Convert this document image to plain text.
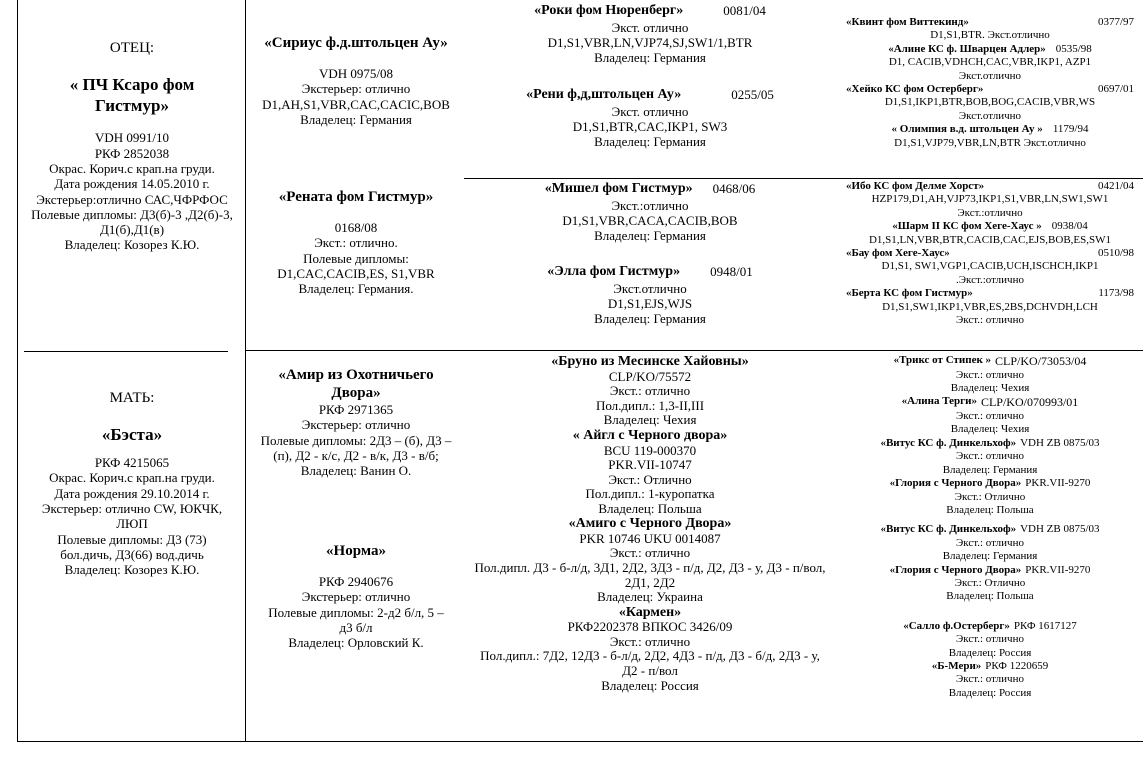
ОТЕЦ:
« ПЧ Ксаро фом Гистмур»
VDH 0991/10
РКФ 2852038
Окрас. Корич.с крап.на груди.
Дата рождения 14.05.2010 г.
Экстерьер:отлично САС,ЧФРФОС
Полевые дипломы: Д3(б)-3 ,Д2(б)-3, Д1(б),Д1(в)
Владелец: Козорез К.Ю.
МАТЬ:
«Бэста»
РКФ 4215065
Окрас. Корич.с крап.на груди.
Дата рождения 29.10.2014 г.
Экстерьер: отлично CW, ЮКЧК, ЛЮП
Полевые дипломы: Д3 (73) бол.дичь, Д3(66) вод.дичь
Владелец: Козорез К.Ю.
«Сириус ф.д.штольцен Ау»
VDH 0975/08
Экстерьер: отлично
D1,AH,S1,VBR,CAC,CACIC,BOB
Владелец: Германия
«Рената фом Гистмур»
0168/08
Экст.: отлично.
Полевые дипломы:
D1,CAC,CACIB,ES, S1,VBR
Владелец: Германия.
«Амир из Охотничьего Двора»
РКФ 2971365
Экстерьер: отлично
Полевые дипломы: 2Д3 – (б), Д3 – (п), Д2 - к/с, Д2 - в/к, Д3 - в/б;
Владелец: Ванин О.
«Норма»
РКФ 2940676
Экстерьер: отлично
Полевые дипломы: 2-д2 б/л, 5 – д3 б/л
Владелец: Орловский К.
«Роки фом Нюренберг»	0081/04
Экст. отлично
D1,S1,VBR,LN,VJP74,SJ,SW1/1,BTR
Владелец: Германия
«Рени ф,д,штольцен Ау»	0255/05
Экст. отлично
D1,S1,BTR,CAC,IKP1, SW3
Владелец: Германия
«Мишел фом Гистмур» 0468/06
Экст.:отлично
D1,S1,VBR,CACA,CACIB,BOB
Владелец: Германия
«Элла фом Гистмур» 0948/01
Экст.отлично
D1,S1,EJS,WJS
Владелец: Германия
«Бруно из Месинске Хайовны»
CLP/KO/75572
Экст.: отлично
Пол.дипл.: 1,3-II,III
Владелец: Чехия
« Айгл с Черного двора»
BCU 119-000370
PKR.VII-10747
Экст.: Отлично
Пол.дипл.: 1-куропатка
Владелец: Польша
«Амиго с Черного Двора»
PKR 10746 UKU 0014087
Экст.: отлично
Пол.дипл. Д3 - б-л/д, 3Д1, 2Д2, 3Д3 - п/д, Д2, Д3 - у, Д3 - п/вол, 2Д1, 2Д2
Владелец: Украина
«Кармен»
РКФ2202378 ВПКОС 3426/09
Экст.: отлично
Пол.дипл.: 7Д2, 12Д3 - б-л/д, 2Д2, 4Д3 - п/д, Д3 - б/д, 2Д3 - у, Д2 - п/вол
Владелец: Россия
«Квинт фом Виттекинд»	0377/97
D1,S1,BTR. Экст.отлично
«Алине КС ф. Шварцен Адлер» 0535/98
D1, CACIB,VDHCH,CAC,VBR,IKP1, AZP1
Экст.отлично
«Хейко КС фом Остерберг»	0697/01
D1,S1,IKP1,BTR,BOB,BOG,CACIB,VBR,WS
Экст.отлично
« Олимпия в.д. штольцен Ау » 1179/94
D1,S1,VJP79,VBR,LN,BTR Экст.отлично
«Ибо КС фом Делме Хорст»	0421/04
HZP179,D1,AH,VJP73,IKP1,S1,VBR,LN,SW1,SW1
Экст.:отлично
«Шарм II КС фом Хеге-Хаус » 0938/04
D1,S1,LN,VBR,BTR,CACIB,CAC,EJS,BOB,ES,SW1
«Бау фом Хеге-Хаус»	0510/98
D1,S1, SW1,VGP1,CACIB,UCH,ISCHCH,IKP1
.Экст.:отлично
«Берта КС фом Гистмур»	1173/98
D1,S1,SW1,IKP1,VBR,ES,2BS,DCHVDH,LCH
Экст.: отлично
«Трикс от Стипек » CLP/KO/73053/04
Экст.: отлично
Владелец: Чехия
«Алина Терги» CLP/KO/070993/01
Экст.: отлично
Владелец: Чехия
«Витус КС ф. Динкельхоф» VDH ZB 0875/03
Экст.: отлично
Владелец: Германия
«Глория с Черного Двора» PKR.VII-9270
Экст.: Отлично
Владелец: Польша
«Витус КС ф. Динкельхоф» VDH ZB 0875/03
Экст.: отлично
Владелец: Германия
«Глория с Черного Двора» PKR.VII-9270
Экст.: Отлично
Владелец: Польша
«Салло ф.Остерберг» РКФ 1617127
Экст.: отлично
Владелец: Россия
«Б-Мери» РКФ 1220659
Экст.: отлично
Владелец: Россия
